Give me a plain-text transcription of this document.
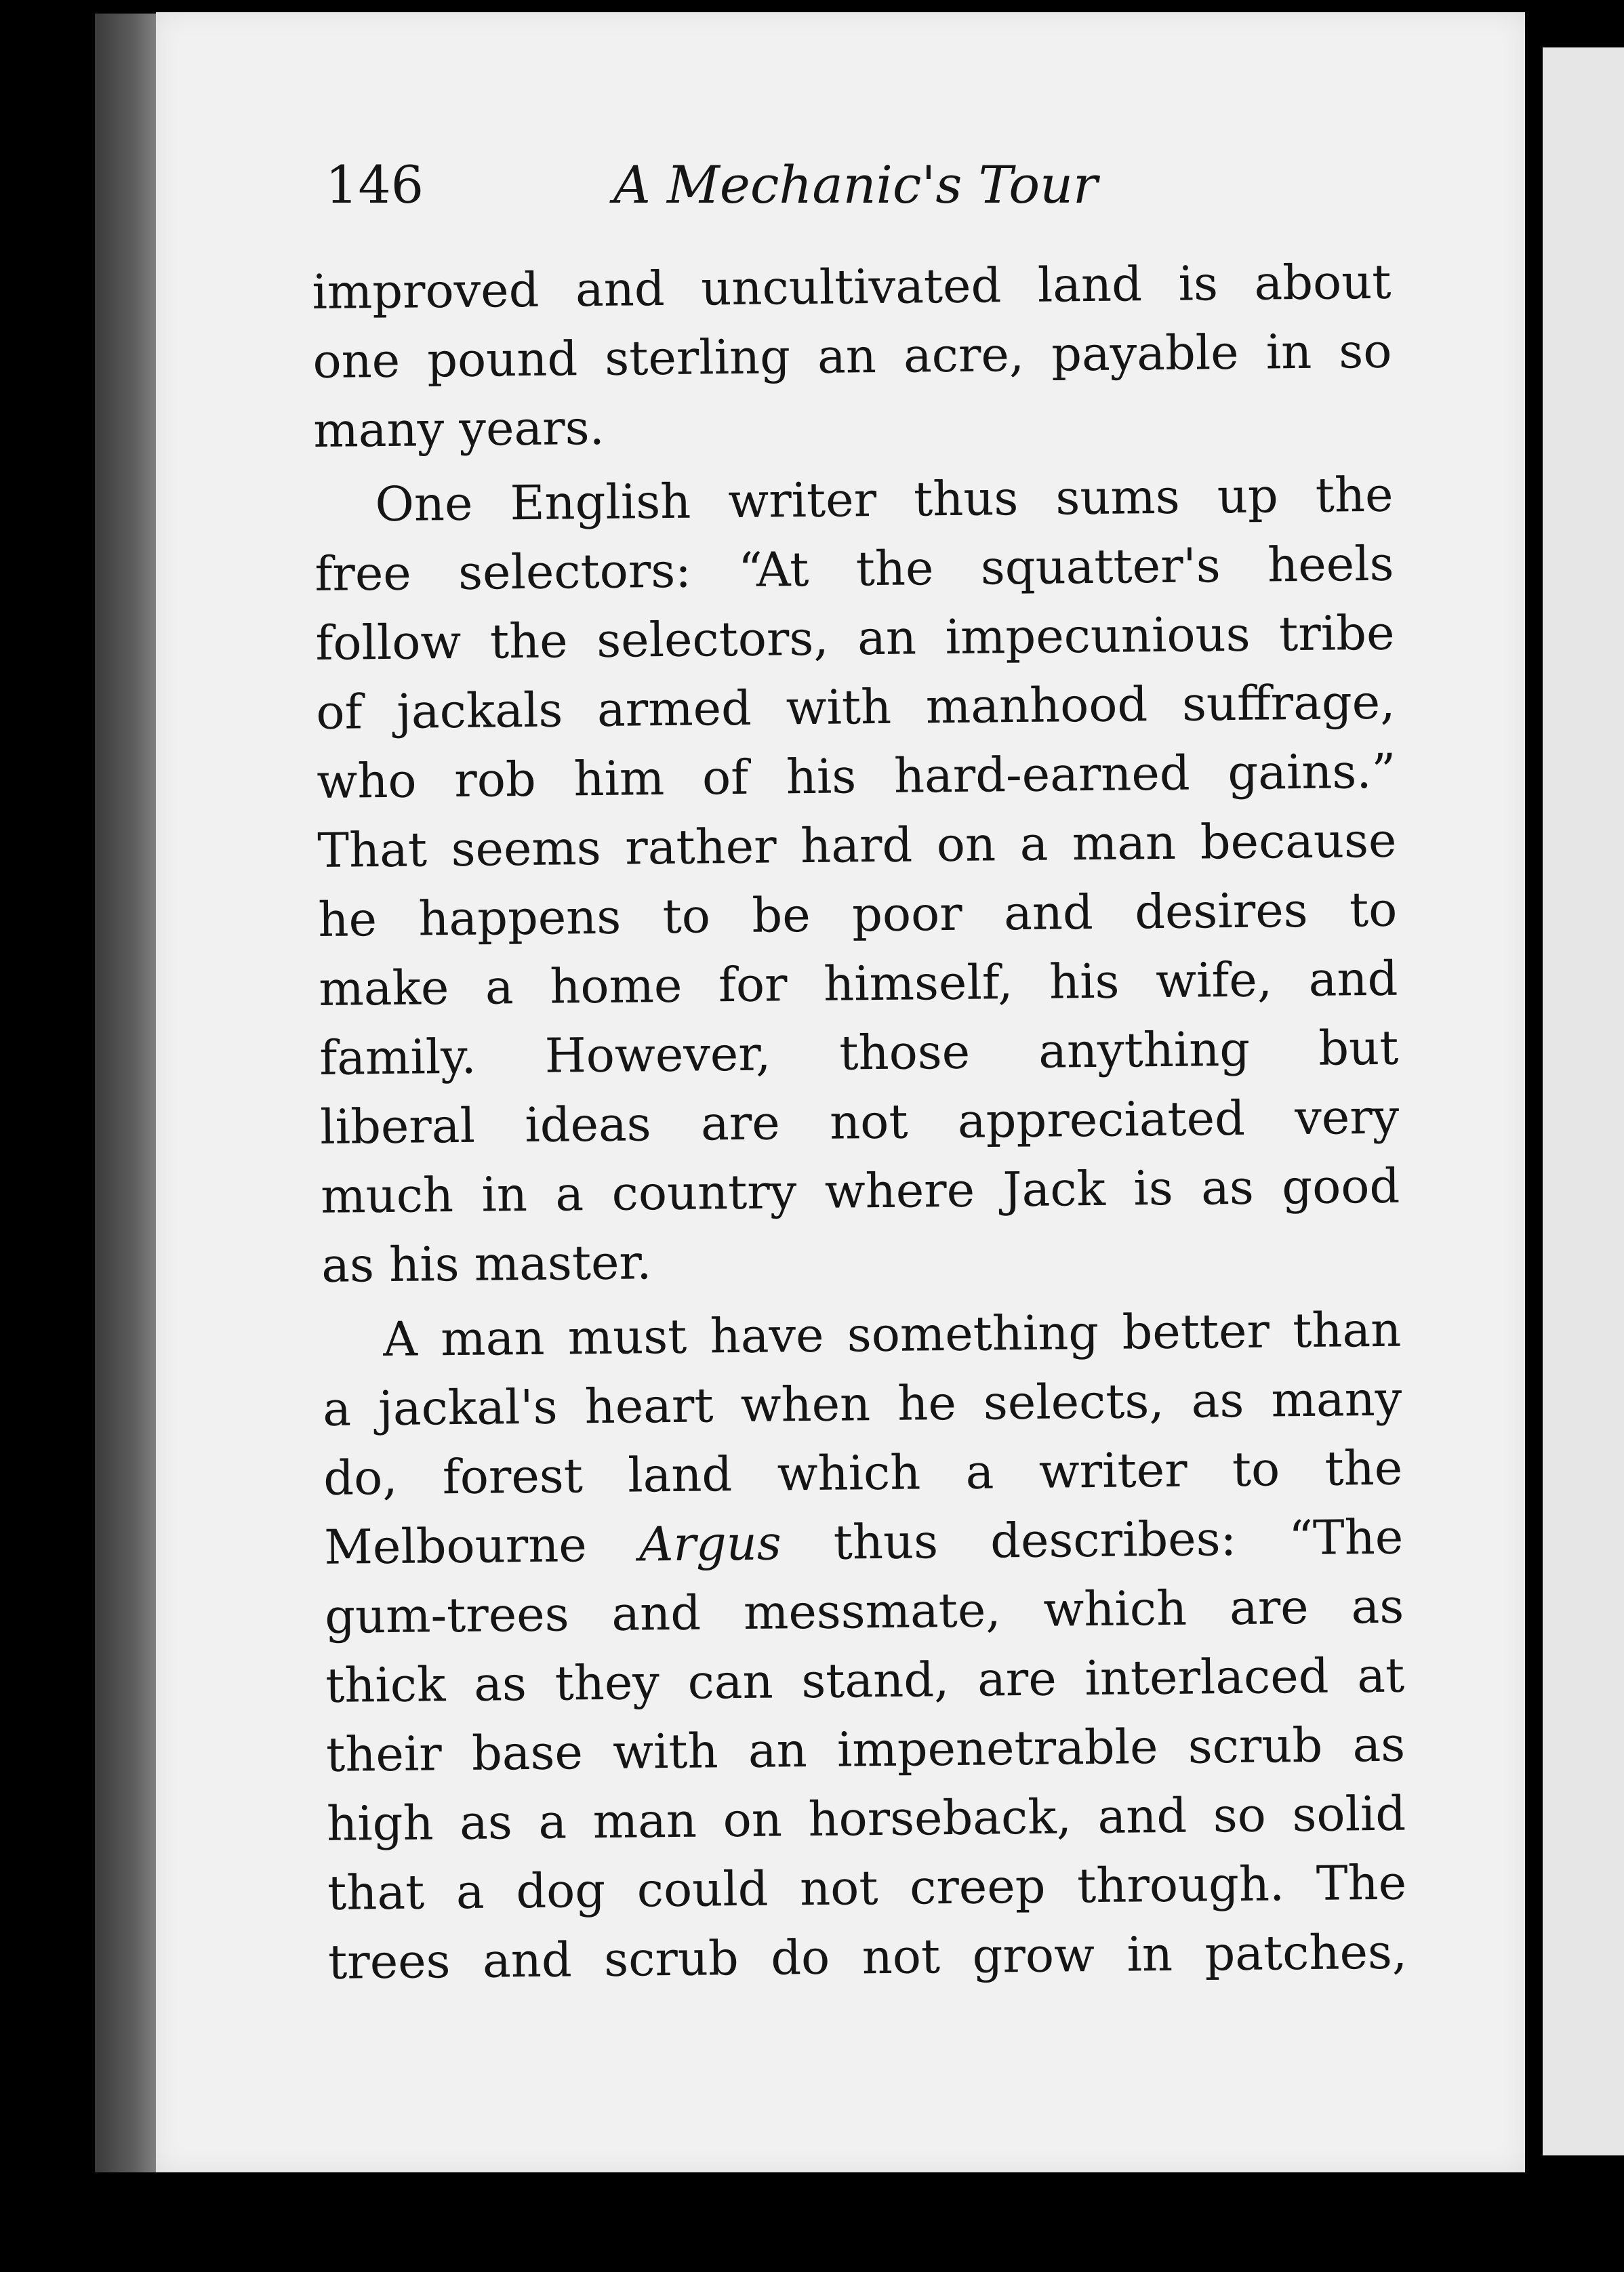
146	A Mechanic's Tour
improved and uncultivated land is about
one pound sterling an acre, payable in so
many years.
One English writer thus sums up the
free selectors: “At the squatter's heels
follow the selectors, an impecunious tribe
of jackals armed with manhood suffrage,
who rob him of his hard-earned gains.”
That seems rather hard on a man because
he happens to be poor and desires to
make a home for himself, his wife, and
family. However, those anything but
liberal ideas are not appreciated very
much in a country where Jack is as good
as his master.
A man must have something better than
a jackal's heart when he selects, as many
do, forest land which a writer to the
Melbourne Argus thus describes: “The
gum-trees and messmate, which are as
thick as they can stand, are interlaced at
their base with an impenetrable scrub as
high as a man on horseback, and so solid
that a dog could not creep through. The
trees and scrub do not grow in patches,
